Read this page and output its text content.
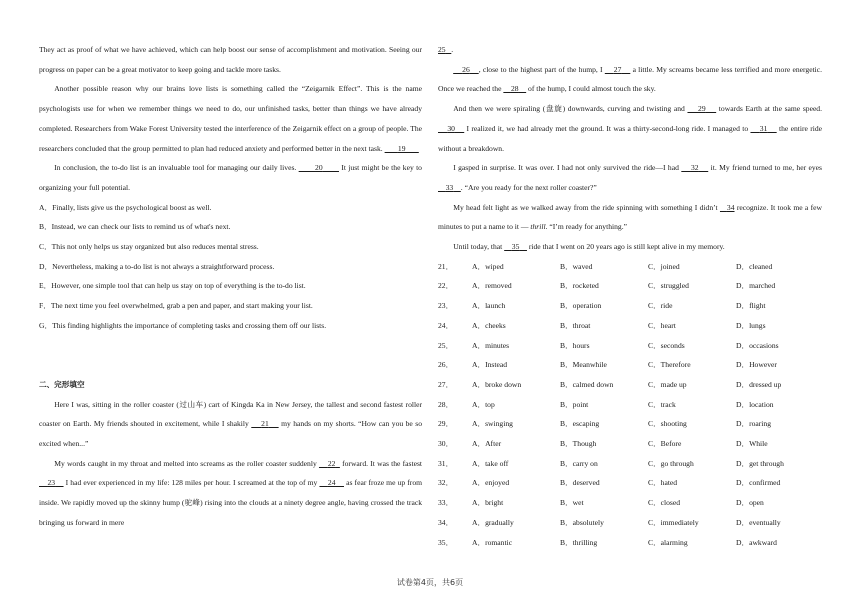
They act as proof of what we have achieved, which can help boost our sense of accomplishment and motivation. Seeing our progress on paper can be a great motivator to keep going and tackle more tasks.

Another possible reason why our brains love lists is something called the “Zeigarnik Effect”. This is the name psychologists use for when we remember things we need to do, our unfinished tasks, better than things we have already completed. Researchers from Wake Forest University tested the interference of the Zeigarnik effect on a group of people. The researchers concluded that the group permitted to plan had reduced anxiety and performed better in the next task. 19

In conclusion, the to-do list is an invaluable tool for managing our daily lives. 20 It just might be the key to organizing your full potential.

A．Finally, lists give us the psychological boost as well.
B．Instead, we can check our lists to remind us of what's next.
C．This not only helps us stay organized but also reduces mental stress.
D．Nevertheless, making a to-do list is not always a straightforward process.
E．However, one simple tool that can help us stay on top of everything is the to-do list.
F．The next time you feel overwhelmed, grab a pen and paper, and start making your list.
G．This finding highlights the importance of completing tasks and crossing them off our lists.

二、完形填空

Here I was, sitting in the roller coaster (过山车) cart of Kingda Ka in New Jersey, the tallest and second fastest roller coaster on Earth. My friends shouted in excitement, while I shakily 21 my hands on my shorts. “How can you be so excited when...”

My words caught in my throat and melted into screams as the roller coaster suddenly 22 forward. It was the fastest     23 I had ever experienced in my life: 128 miles per hour. I screamed at the top of my 24 as fear froze me up from inside. We rapidly moved up the skinny hump (驼峰) rising into the clouds at a ninety degree angle, having crossed the track bringing us forward in mere

25 .

26 , close to the highest part of the hump, I 27 a little. My screams became less terrified and more energetic. Once we reached the 28 of the hump, I could almost touch the sky.

And then we were spiraling (盘旋) downwards, curving and twisting and 29 towards Earth at the same speed.     30 I realized it, we had already met the ground. It was a thirty-second-long ride. I managed to 31 the entire ride without a breakdown.

I gasped in surprise. It was over. I had not only survived the ride—I had 32 it. My friend turned to me, her eyes     33 . “Are you ready for the next roller coaster?”

My head felt light as we walked away from the ride spinning with something I didn’t 34 recognize. It took me a few minutes to put a name to it — thrill. “I’m ready for anything.”

Until today, that 35 ride that I went on 20 years ago is still kept alive in my memory.

21．	A．wiped	B．waved	C．joined	D．cleaned
22．	A．removed	B．rocketed	C．struggled	D．marched
23．	A．launch	B．operation	C．ride	D．flight
24．	A．cheeks	B．throat	C．heart	D．lungs
25．	A．minutes	B．hours	C．seconds	D．occasions
26．	A．Instead	B．Meanwhile	C．Therefore	D．However
27．	A．broke down	B．calmed down	C．made up	D．dressed up
28．	A．top	B．point	C．track	D．location
29．	A．swinging	B．escaping	C．shooting	D．roaring
30．	A．After	B．Though	C．Before	D．While
31．	A．take off	B．carry on	C．go through	D．get through
32．	A．enjoyed	B．deserved	C．hated	D．confirmed
33．	A．bright	B．wet	C．closed	D．open
34．	A．gradually	B．absolutely	C．immediately	D．eventually
35．	A．romantic	B．thrilling	C．alarming	D．awkward
试卷第4页，共6页
